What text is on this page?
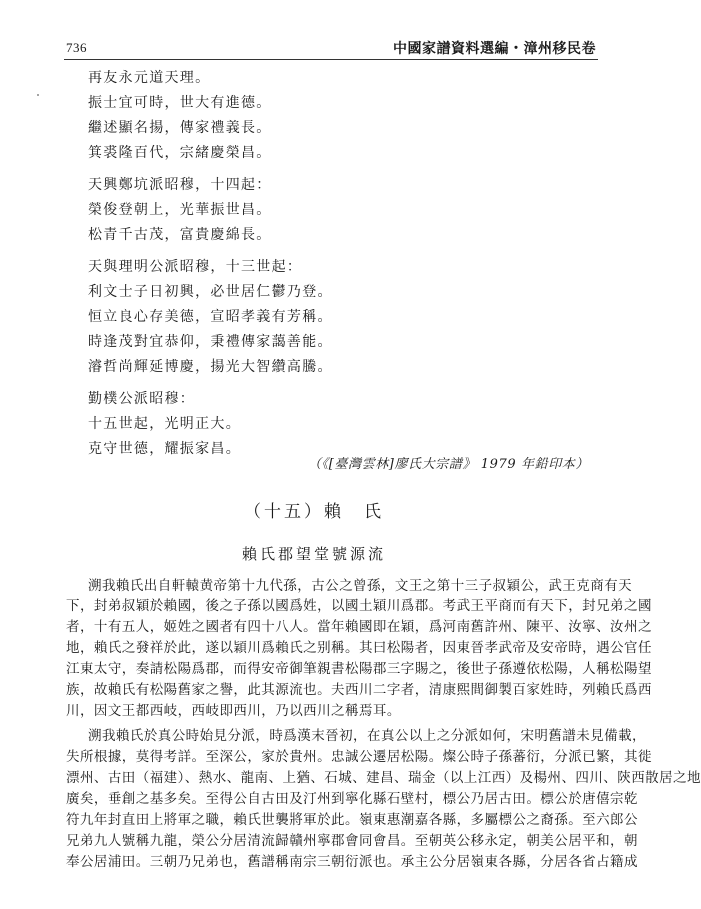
736	中國家譜資料選編・漳州移民卷
再友永元道天理。
振士宜可時，世大有進德。
繼述顯名揚，傳家禮義長。
箕裘隆百代，宗緒慶榮昌。
天興鄭坑派昭穆，十四起：
榮俊登朝上，光華振世昌。
松青千古茂，富貴慶綿長。
天與理明公派昭穆，十三世起：
利文士子日初興，必世居仁鬱乃登。
恒立良心存美德，宣昭孝義有芳稱。
時逢茂對宜恭仰，秉禮傳家藹善能。
濬哲尚輝延博慶，揚光大智纘高騰。
勤樸公派昭穆：
十五世起，光明正大。
克守世德，耀振家昌。
（《[臺灣雲林]廖氏大宗譜》 1979 年鉛印本）
（十五）賴　氏
賴氏郡望堂號源流
溯我賴氏出自軒轅黄帝第十九代孫，古公之曾孫，文王之第十三子叔穎公，武王克商有天
下，封弟叔穎於賴國，後之子孫以國爲姓，以國土穎川爲郡。考武王平商而有天下，封兄弟之國
者，十有五人，姬姓之國者有四十八人。當年賴國即在穎，爲河南舊許州、陳平、汝寧、汝州之
地，賴氏之發祥於此，遂以穎川爲賴氏之别稱。其曰松陽者，因東晉孝武帝及安帝時，遇公官任
江東太守，奏請松陽爲郡，而得安帝御筆親書松陽郡三字賜之，後世子孫遵依松陽，人稱松陽望
族，故賴氏有松陽舊家之譽，此其源流也。夫西川二字者，清康熙間御製百家姓時，列賴氏爲西
川，因文王都西岐，西岐即西川，乃以西川之稱焉耳。
溯我賴氏於真公時始見分派，時爲漢末晉初，在真公以上之分派如何，宋明舊譜未見備載，
失所根據，莫得考詳。至深公，家於貴州。忠誠公遷居松陽。燦公時子孫蕃衍，分派已繁，其徙
漂州、古田（福建）、熱水、龍南、上猶、石城、建昌、瑞金（以上江西）及楊州、四川、陝西散居之地
廣矣，垂創之基多矣。至得公自古田及汀州到寧化縣石壁村，標公乃居古田。標公於唐僖宗乾
符九年封直田上將軍之職，賴氏世襲將軍於此。嶺東惠潮嘉各縣，多屬標公之裔孫。至六郎公
兄弟九人號稱九龍，榮公分居清流歸贛州寧郡會同會昌。至朝英公移永定，朝美公居平和，朝
奉公居浦田。三朝乃兄弟也，舊譜稱南宗三朝衍派也。承主公分居嶺東各縣，分居各省占籍成
